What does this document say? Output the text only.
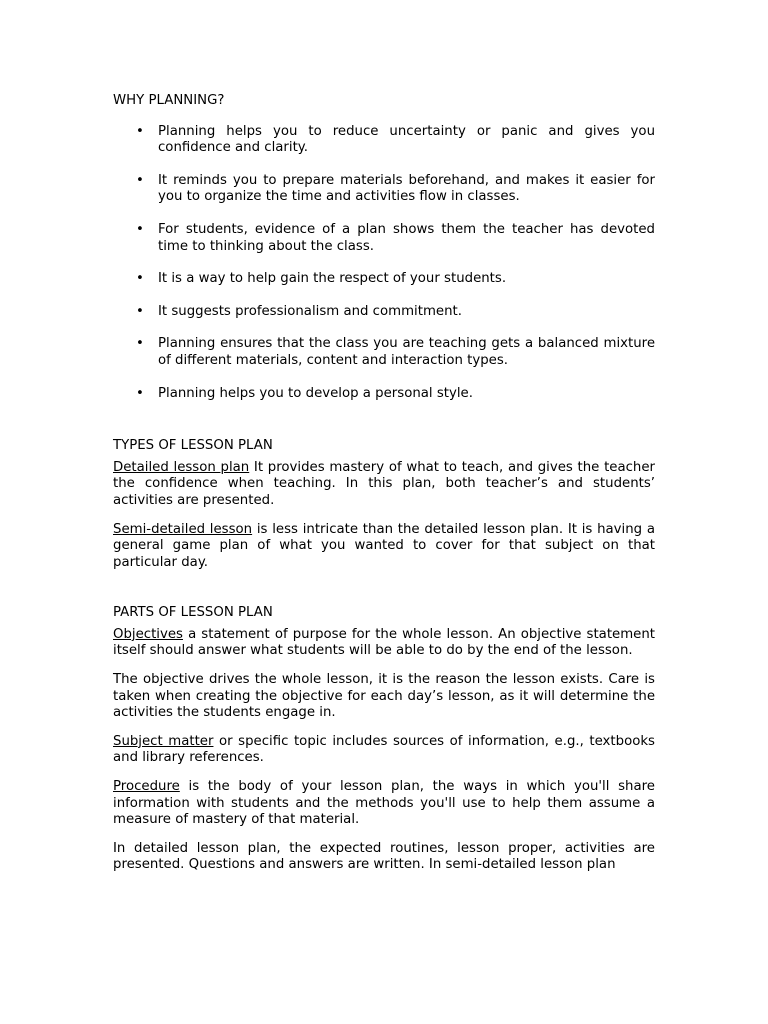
WHY PLANNING?
• Planning helps you to reduce uncertainty or panic and gives you confidence and clarity.
• It reminds you to prepare materials beforehand, and makes it easier for you to organize the time and activities flow in classes.
• For students, evidence of a plan shows them the teacher has devoted time to thinking about the class.
• It is a way to help gain the respect of your students.
• It suggests professionalism and commitment.
• Planning ensures that the class you are teaching gets a balanced mixture of different materials, content and interaction types.
• Planning helps you to develop a personal style.
TYPES OF LESSON PLAN

Detailed lesson plan It provides mastery of what to teach, and gives the teacher the confidence when teaching. In this plan, both teacher’s and students’ activities are presented.

Semi-detailed lesson is less intricate than the detailed lesson plan. It is having a general game plan of what you wanted to cover for that subject on that particular day.

PARTS OF LESSON PLAN

Objectives a statement of purpose for the whole lesson. An objective statement itself should answer what students will be able to do by the end of the lesson.

The objective drives the whole lesson, it is the reason the lesson exists. Care is taken when creating the objective for each day’s lesson, as it will determine the activities the students engage in.

Subject matter or specific topic includes sources of information, e.g., textbooks and library references.

Procedure is the body of your lesson plan, the ways in which you'll share information with students and the methods you'll use to help them assume a measure of mastery of that material.

In detailed lesson plan, the expected routines, lesson proper, activities are presented. Questions and answers are written. In semi-detailed lesson plan
